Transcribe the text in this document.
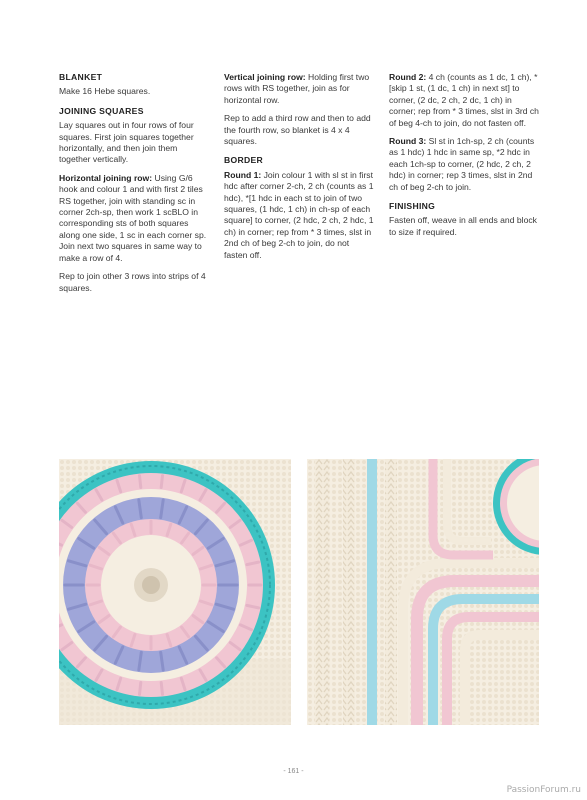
BLANKET

Make 16 Hebe squares.

JOINING SQUARES

Lay squares out in four rows of four squares. First join squares together horizontally, and then join them together vertically.

Horizontal joining row: Using G/6 hook and colour 1 and with first 2 tiles RS together, join with standing sc in corner 2ch-sp, then work 1 scBLO in corresponding sts of both squares along one side, 1 sc in each corner sp. Join next two squares in same way to make a row of 4.

Rep to join other 3 rows into strips of 4 squares.

Vertical joining row: Holding first two rows with RS together, join as for horizontal row.

Rep to add a third row and then to add the fourth row, so blanket is 4 x 4 squares.

BORDER

Round 1: Join colour 1 with sl st in first hdc after corner 2-ch, 2 ch (counts as 1 hdc), *[1 hdc in each st to join of two squares, (1 hdc, 1 ch) in ch-sp of each square] to corner, (2 hdc, 2 ch, 2 hdc, 1 ch) in corner; rep from * 3 times, slst in 2nd ch of beg 2-ch to join, do not fasten off.

Round 2: 4 ch (counts as 1 dc, 1 ch), *[skip 1 st, (1 dc, 1 ch) in next st] to corner, (2 dc, 2 ch, 2 dc, 1 ch) in corner; rep from * 3 times, slst in 3rd ch of beg 4-ch to join, do not fasten off.

Round 3: Sl st in 1ch-sp, 2 ch (counts as 1 hdc) 1 hdc in same sp, *2 hdc in each 1ch-sp to corner, (2 hdc, 2 ch, 2 hdc) in corner; rep 3 times, slst in 2nd ch of beg 2-ch to join.

FINISHING

Fasten off, weave in all ends and block to size if required.

- 161 -
PassionForum.ru
